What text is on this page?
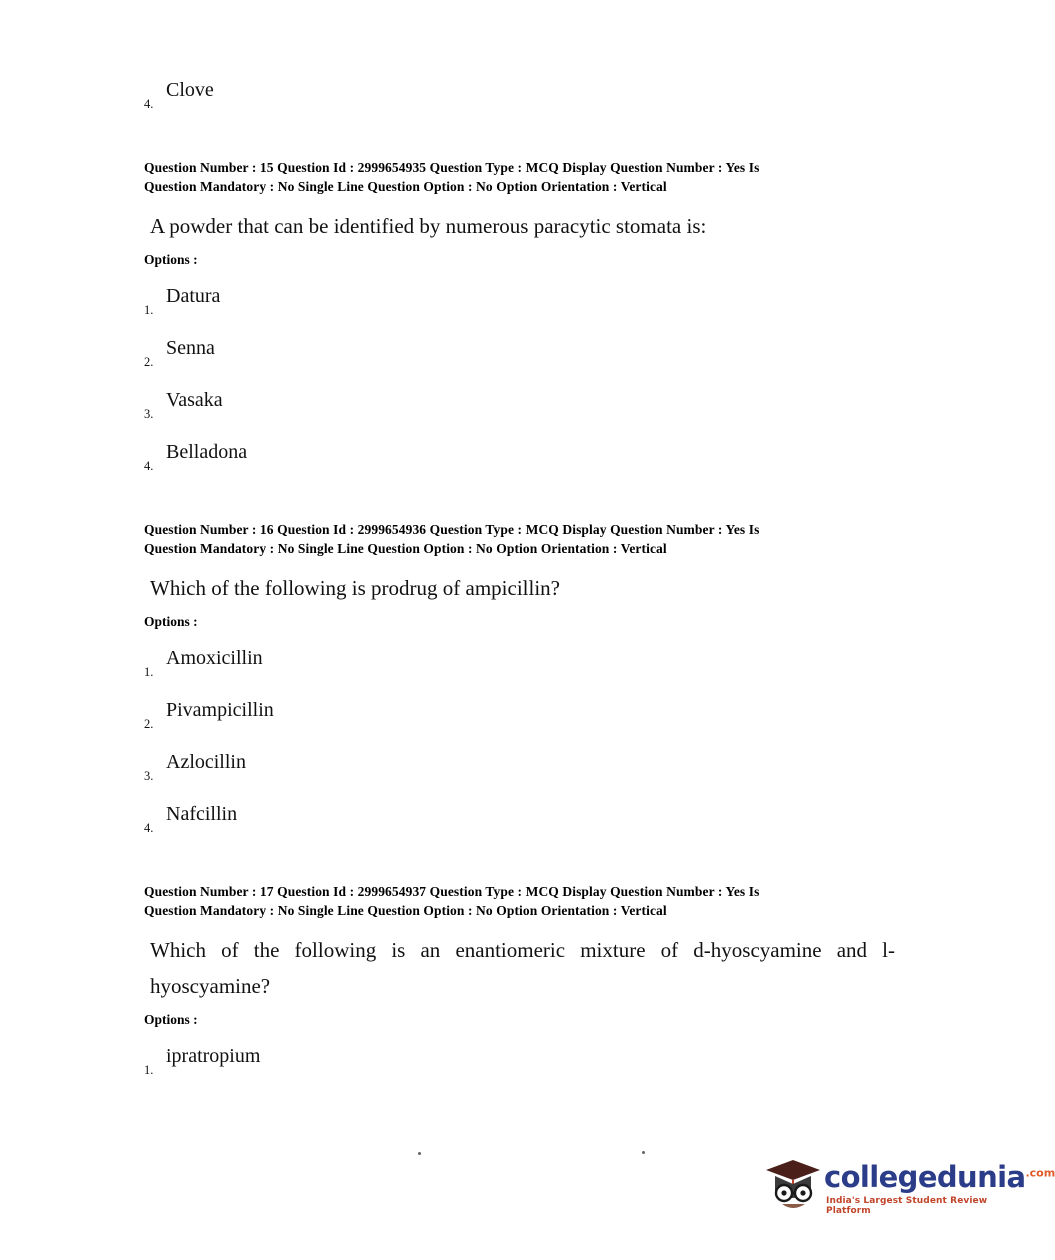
4.
Clove
Question Number : 15 Question Id : 2999654935 Question Type : MCQ Display Question Number : Yes Is
Question Mandatory : No Single Line Question Option : No Option Orientation : Vertical
A powder that can be identified by numerous paracytic stomata is:
Options :
1.
Datura
2.
Senna
3.
Vasaka
4.
Belladona
Question Number : 16 Question Id : 2999654936 Question Type : MCQ Display Question Number : Yes Is
Question Mandatory : No Single Line Question Option : No Option Orientation : Vertical
Which of the following is prodrug of ampicillin?
Options :
1.
Amoxicillin
2.
Pivampicillin
3.
Azlocillin
4.
Nafcillin
Question Number : 17 Question Id : 2999654937 Question Type : MCQ Display Question Number : Yes Is
Question Mandatory : No Single Line Question Option : No Option Orientation : Vertical
Which of the following is an enantiomeric mixture of d-hyoscyamine and l-hyoscyamine?
Options :
1.
ipratropium
collegedunia$^{.com}$
India's Largest Student Review Platform
